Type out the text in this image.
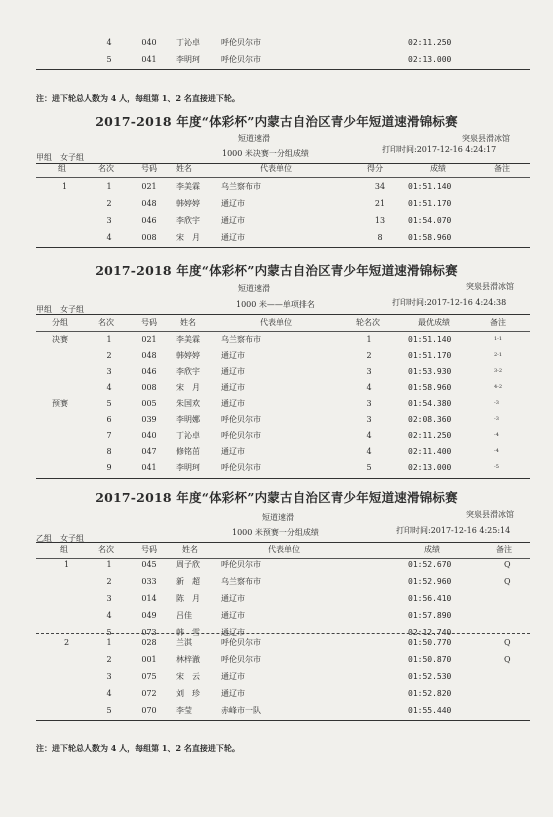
4	040	丁沁卓	呼伦贝尔市	02:11.250
5	041	李明珂	呼伦贝尔市	02:13.000
注：进下轮总人数为 4 人，每组第 1、2 名直接进下轮。
2017-2018 年度“体彩杯”内蒙古自治区青少年短道速滑锦标赛
短道速滑	突泉县滑冰馆
甲组　女子组	1000 米决赛一分组成绩	打印时间:2017-12-16 4:24:17
组	名次	号码	姓名	代表单位	得分	成绩	备注
1	1	021	李美霖	乌兰察布市	34	01:51.140
2	048	韩婷婷	通辽市	21	01:51.170
3	046	李欣宇	通辽市	13	01:54.070
4	008	宋　月	通辽市	8	01:58.960
2017-2018 年度“体彩杯”内蒙古自治区青少年短道速滑锦标赛
短道速滑	突泉县滑冰馆
甲组　女子组
1000 米——单项排名	打印时间:2017-12-16 4:24:38
分组	名次	号码	姓名	代表单位	轮名次	最优成绩	备注
决赛	1	021	李美霖	乌兰察布市	1	01:51.140	1-1
2	048	韩婷婷	通辽市	2	01:51.170	2-1
3	046	李欣宇	通辽市	3	01:53.930	3-2
4	008	宋　月	通辽市	4	01:58.960	4-2
预赛	5	005	朱国欢	通辽市	3	01:54.380	-3
6	039	李明娜	呼伦贝尔市	3	02:08.360	-3
7	040	丁沁卓	呼伦贝尔市	4	02:11.250	-4
8	047	修铭茁	通辽市	4	02:11.400	-4
9	041	李明珂	呼伦贝尔市	5	02:13.000	-5
2017-2018 年度“体彩杯”内蒙古自治区青少年短道速滑锦标赛
短道速滑	突泉县滑冰馆
乙组　女子组
1000 米预赛一分组成绩	打印时间:2017-12-16 4:25:14
组	名次	号码	姓名	代表单位	成绩	备注
1	1	045	周子欣	呼伦贝尔市	01:52.670	Q
2	033	新　超	乌兰察布市	01:52.960	Q
3	014	陈　月	通辽市	01:56.410
4	049	吕佳	通辽市	01:57.890
5	073	韩　雪	通辽市	02:12.740
2	1	028	兰淇	呼伦贝尔市	01:50.770	Q
2	001	林梓澈	呼伦贝尔市	01:50.870	Q
3	075	宋　云	通辽市	01:52.530
4	072	刘　珍	通辽市	01:52.820
5	070	李莹	赤峰市一队	01:55.440
注：进下轮总人数为 4 人，每组第 1、2 名直接进下轮。
